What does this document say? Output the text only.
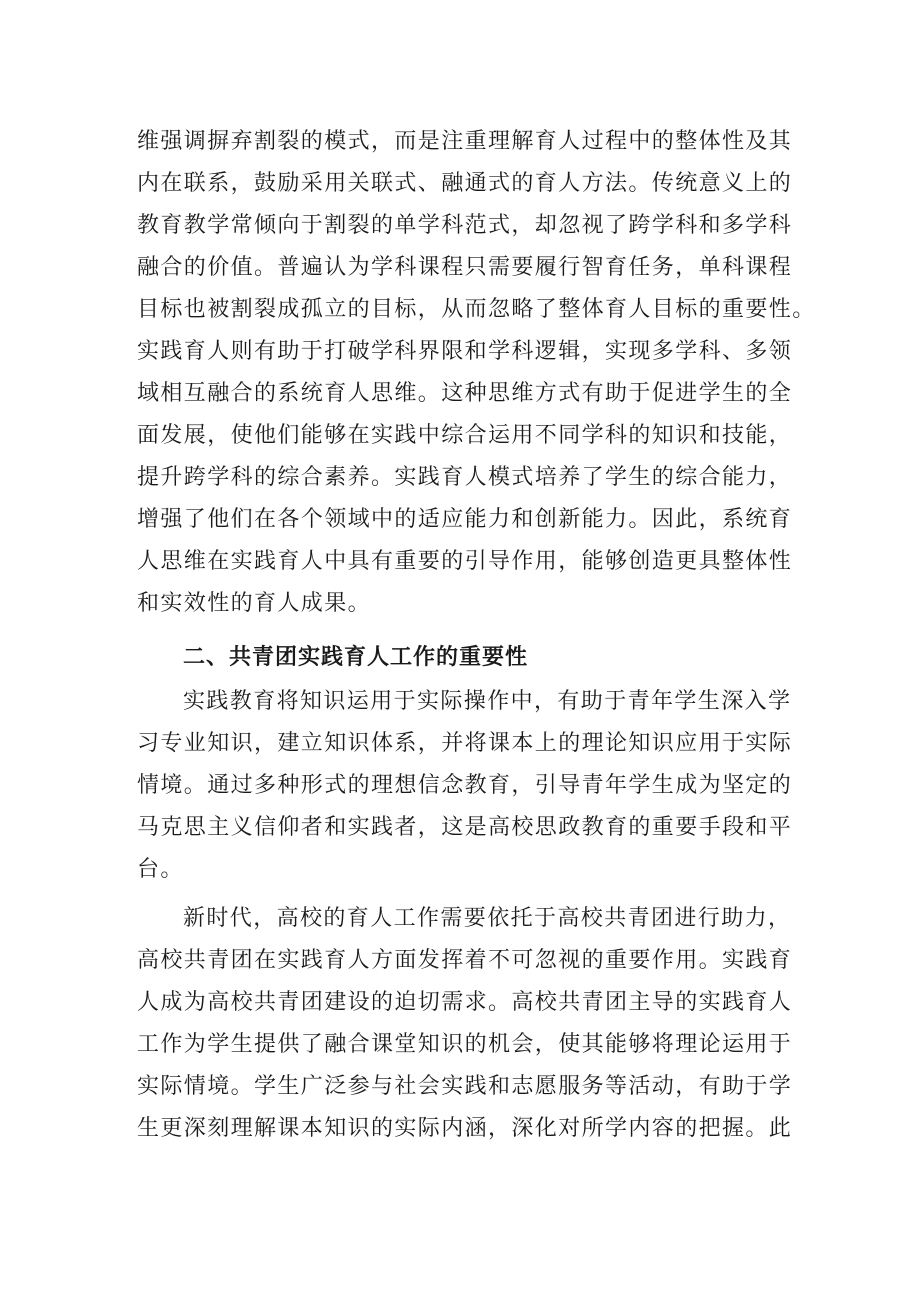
维强调摒弃割裂的模式，而是注重理解育人过程中的整体性及其
内在联系，鼓励采用关联式、融通式的育人方法。传统意义上的
教育教学常倾向于割裂的单学科范式，却忽视了跨学科和多学科
融合的价值。普遍认为学科课程只需要履行智育任务，单科课程
目标也被割裂成孤立的目标，从而忽略了整体育人目标的重要性。
实践育人则有助于打破学科界限和学科逻辑，实现多学科、多领
域相互融合的系统育人思维。这种思维方式有助于促进学生的全
面发展，使他们能够在实践中综合运用不同学科的知识和技能，
提升跨学科的综合素养。实践育人模式培养了学生的综合能力，
增强了他们在各个领域中的适应能力和创新能力。因此，系统育
人思维在实践育人中具有重要的引导作用，能够创造更具整体性
和实效性的育人成果。
二、共青团实践育人工作的重要性
实践教育将知识运用于实际操作中，有助于青年学生深入学
习专业知识，建立知识体系，并将课本上的理论知识应用于实际
情境。通过多种形式的理想信念教育，引导青年学生成为坚定的
马克思主义信仰者和实践者，这是高校思政教育的重要手段和平
台。
新时代，高校的育人工作需要依托于高校共青团进行助力，
高校共青团在实践育人方面发挥着不可忽视的重要作用。实践育
人成为高校共青团建设的迫切需求。高校共青团主导的实践育人
工作为学生提供了融合课堂知识的机会，使其能够将理论运用于
实际情境。学生广泛参与社会实践和志愿服务等活动，有助于学
生更深刻理解课本知识的实际内涵，深化对所学内容的把握。此
